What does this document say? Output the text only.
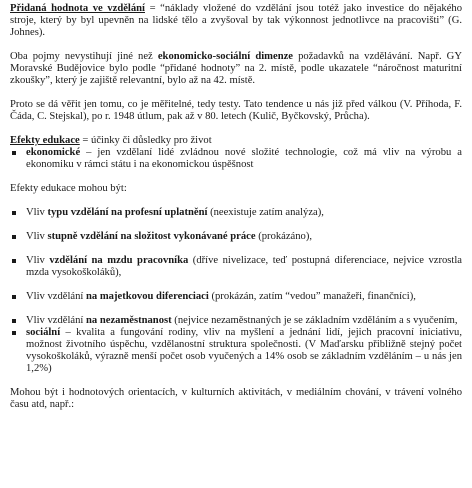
Přidaná hodnota ve vzdělání = “náklady vložené do vzdělání jsou totéž jako investice do nějakého stroje, který by byl upevněn na lidské tělo a zvyšoval by tak výkonnost jednotlivce na pracovišti” (G. Johnes).

Oba pojmy nevystihují jiné než ekonomicko-sociální dimenze požadavků na vzdělávání. Např. GY Moravské Budějovice bylo podle “přidané hodnoty” na 2. místě, podle ukazatele “náročnost maturitní zkoušky”, který je zajiště relevantní, bylo až na 42. místě.

Proto se dá věřit jen tomu, co je měřitelné, tedy testy. Tato tendence u nás již před válkou (V. Příhoda, F. Čáda, C. Stejskal), po r. 1948 útlum, pak až v 80. letech (Kulič, Byčkovský, Průcha).

Efekty edukace = účinky či důsledky pro život

ekonomické – jen vzdělaní lidé zvládnou nové složité technologie, což má vliv na výrobu a ekonomiku v rámci státu i na ekonomickou úspěšnost

Efekty edukace mohou být:

Vliv typu vzdělání na profesní uplatnění (neexistuje zatím analýza),
Vliv stupně vzdělání na složitost vykonávané práce (prokázáno),
Vliv vzdělání na mzdu pracovníka (dříve nivelizace, teď postupná diferenciace, nejvice vzrostla mzda vysokoškoláků),
Vliv vzdělání na majetkovou diferenciaci (prokázán, zatím “vedou” manažeři, finančníci),
Vliv vzdělání na nezaměstnanost (nejvice nezaměstnaných je se základním vzděláním a s vyučením,
sociální – kvalita a fungování rodiny, vliv na myšlení a jednání lidí, jejich pracovní iniciativu, možnost životního úspěchu, vzdělanostní struktura společnosti. (V Maďarsku přibližně stejný počet vysokoškoláků, výrazně menší počet osob vyučených a 14% osob se základním vzděláním – u nás jen 1,2%)

Mohou být i hodnotových orientacích, v kulturních aktivitách, v mediálním chování, v trávení volného času atd, např.:
